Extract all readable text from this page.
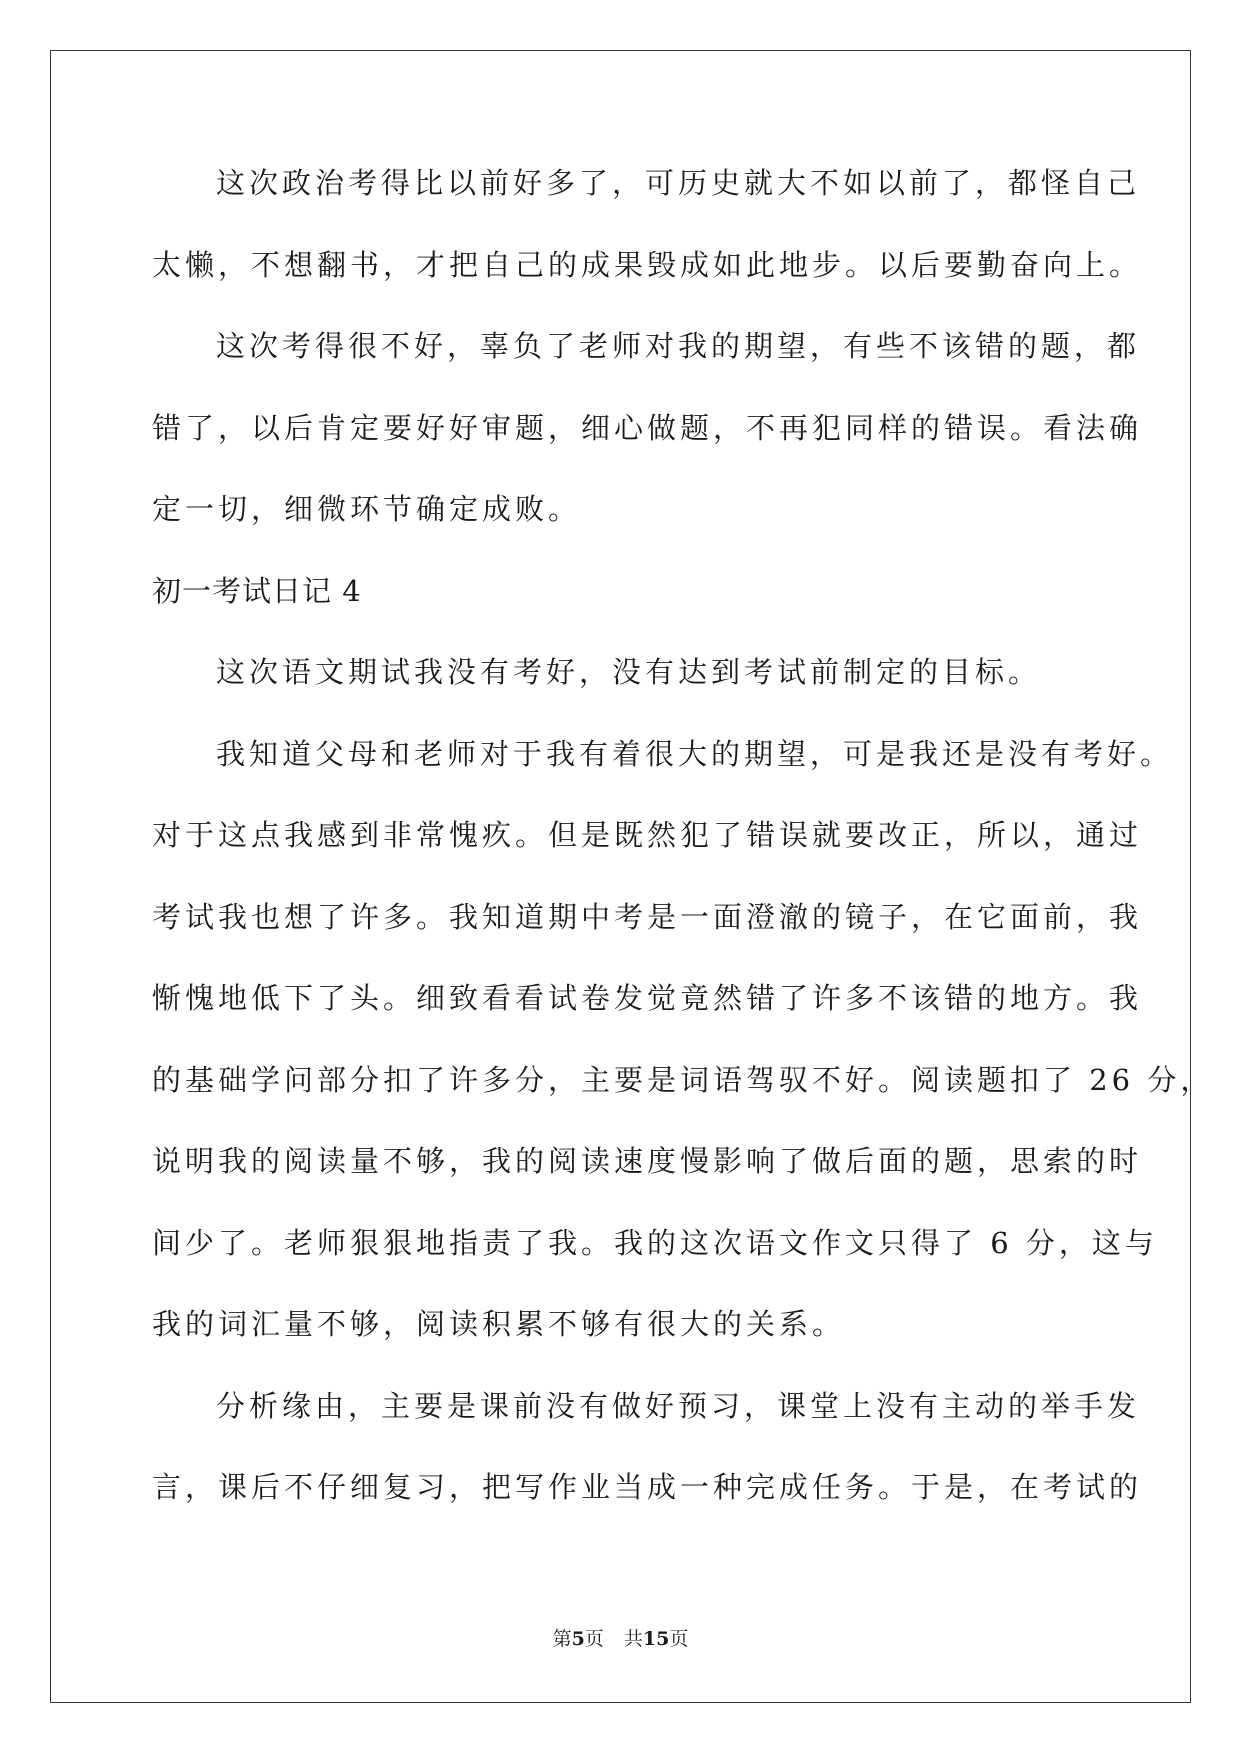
这次政治考得比以前好多了，可历史就大不如以前了，都怪自己
太懒，不想翻书，才把自己的成果毁成如此地步。以后要勤奋向上。
这次考得很不好，辜负了老师对我的期望，有些不该错的题，都
错了，以后肯定要好好审题，细心做题，不再犯同样的错误。看法确
定一切，细微环节确定成败。
初一考试日记 4
这次语文期试我没有考好，没有达到考试前制定的目标。
我知道父母和老师对于我有着很大的期望，可是我还是没有考好。
对于这点我感到非常愧疚。但是既然犯了错误就要改正，所以，通过
考试我也想了许多。我知道期中考是一面澄澈的镜子，在它面前，我
惭愧地低下了头。细致看看试卷发觉竟然错了许多不该错的地方。我
的基础学问部分扣了许多分，主要是词语驾驭不好。阅读题扣了 26 分，
说明我的阅读量不够，我的阅读速度慢影响了做后面的题，思索的时
间少了。老师狠狠地指责了我。我的这次语文作文只得了 6 分，这与
我的词汇量不够，阅读积累不够有很大的关系。
分析缘由，主要是课前没有做好预习，课堂上没有主动的举手发
言，课后不仔细复习，把写作业当成一种完成任务。于是，在考试的
第5页 共15页
